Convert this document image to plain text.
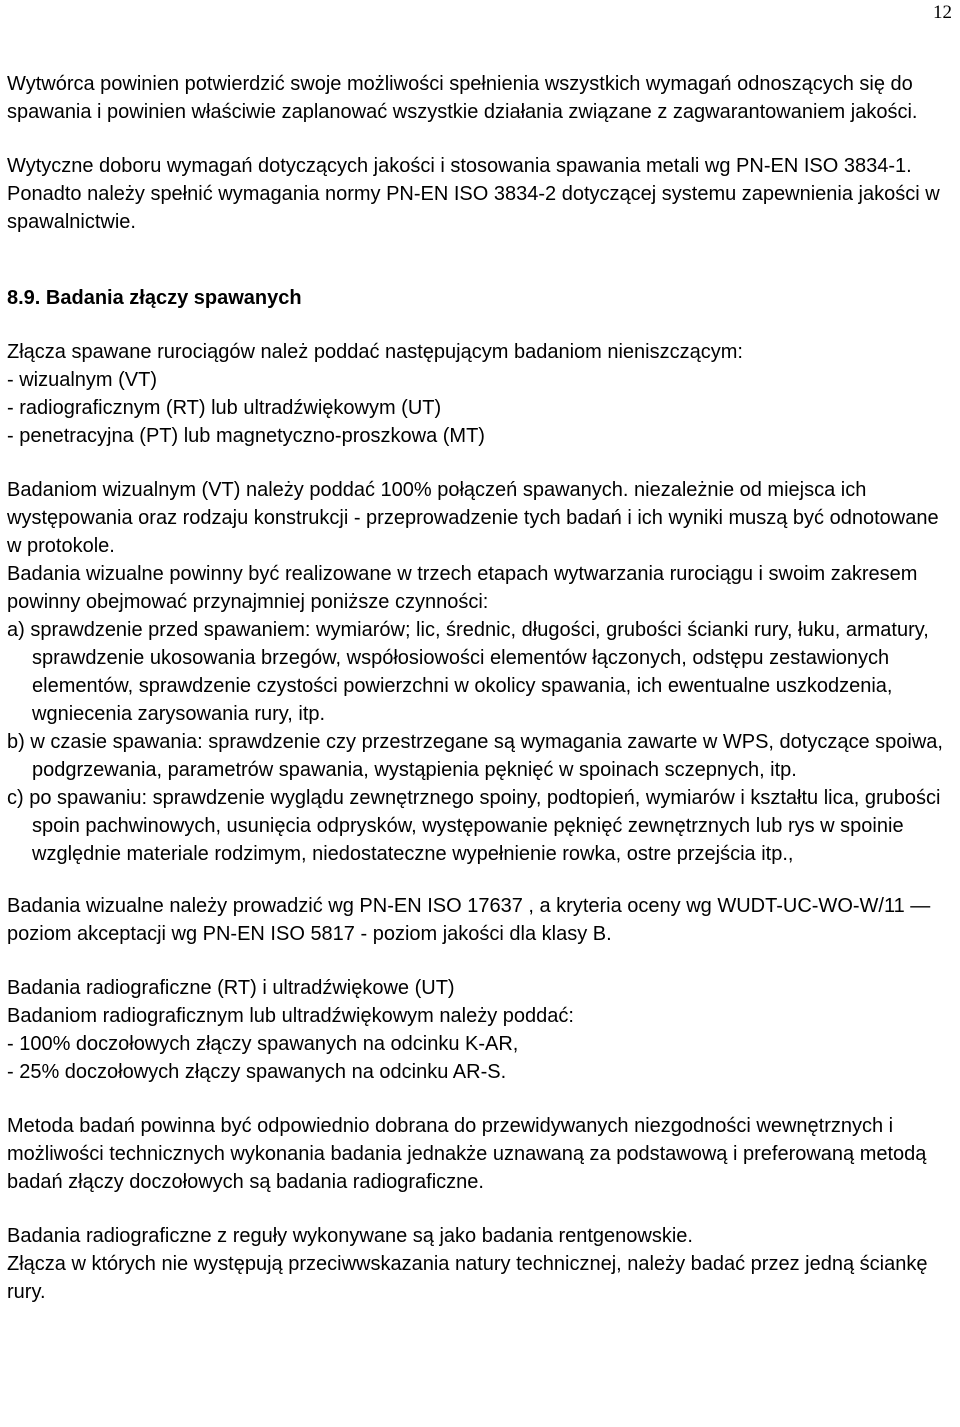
12

Wytwórca powinien potwierdzić swoje możliwości spełnienia wszystkich wymagań odnoszących się do spawania i powinien właściwie zaplanować wszystkie działania związane z zagwarantowaniem jakości.

Wytyczne doboru wymagań dotyczących jakości i stosowania spawania metali wg PN-EN ISO 3834-1. Ponadto należy spełnić wymagania normy PN-EN ISO 3834-2 dotyczącej systemu zapewnienia jakości w spawalnictwie.

8.9. Badania złączy spawanych

Złącza spawane rurociągów należ poddać następującym badaniom nieniszczącym:

- wizualnym (VT)

- radiograficznym (RT) lub ultradźwiękowym (UT)

- penetracyjna (PT) lub magnetyczno-proszkowa (MT)

Badaniom wizualnym (VT) należy poddać 100% połączeń spawanych. niezależnie od miejsca ich występowania oraz rodzaju konstrukcji - przeprowadzenie tych badań i ich wyniki muszą być odnotowane w protokole.

Badania wizualne powinny być realizowane w trzech etapach wytwarzania rurociągu i swoim zakresem powinny obejmować przynajmniej poniższe czynności:

a) sprawdzenie przed spawaniem: wymiarów; lic, średnic, długości, grubości ścianki rury, łuku, armatury, sprawdzenie ukosowania brzegów, współosiowości elementów łączonych, odstępu zestawionych elementów, sprawdzenie czystości powierzchni w okolicy spawania, ich ewentualne uszkodzenia, wgniecenia zarysowania rury, itp.

b) w czasie spawania: sprawdzenie czy przestrzegane są wymagania zawarte w WPS, dotyczące spoiwa, podgrzewania, parametrów spawania, wystąpienia pęknięć w spoinach sczepnych, itp.

c) po spawaniu: sprawdzenie wyglądu zewnętrznego spoiny, podtopień, wymiarów i kształtu lica, grubości spoin pachwinowych, usunięcia odprysków, występowanie pęknięć zewnętrznych lub rys w spoinie względnie materiale rodzimym, niedostateczne wypełnienie rowka, ostre przejścia itp.,

Badania wizualne należy prowadzić wg PN-EN ISO 17637 , a kryteria oceny wg WUDT-UC-WO-W/11 — poziom akceptacji wg PN-EN ISO 5817 - poziom jakości dla klasy B.

Badania radiograficzne (RT) i ultradźwiękowe (UT)

Badaniom radiograficznym lub ultradźwiękowym należy poddać:

- 100% doczołowych złączy spawanych na odcinku K-AR,

- 25% doczołowych złączy spawanych na odcinku AR-S.

Metoda badań powinna być odpowiednio dobrana do przewidywanych niezgodności wewnętrznych i możliwości technicznych wykonania badania jednakże uznawaną za podstawową i preferowaną metodą badań złączy doczołowych są badania radiograficzne.

Badania radiograficzne z reguły wykonywane są jako badania rentgenowskie.

Złącza w których nie występują przeciwwskazania natury technicznej, należy badać przez jedną ściankę rury.
